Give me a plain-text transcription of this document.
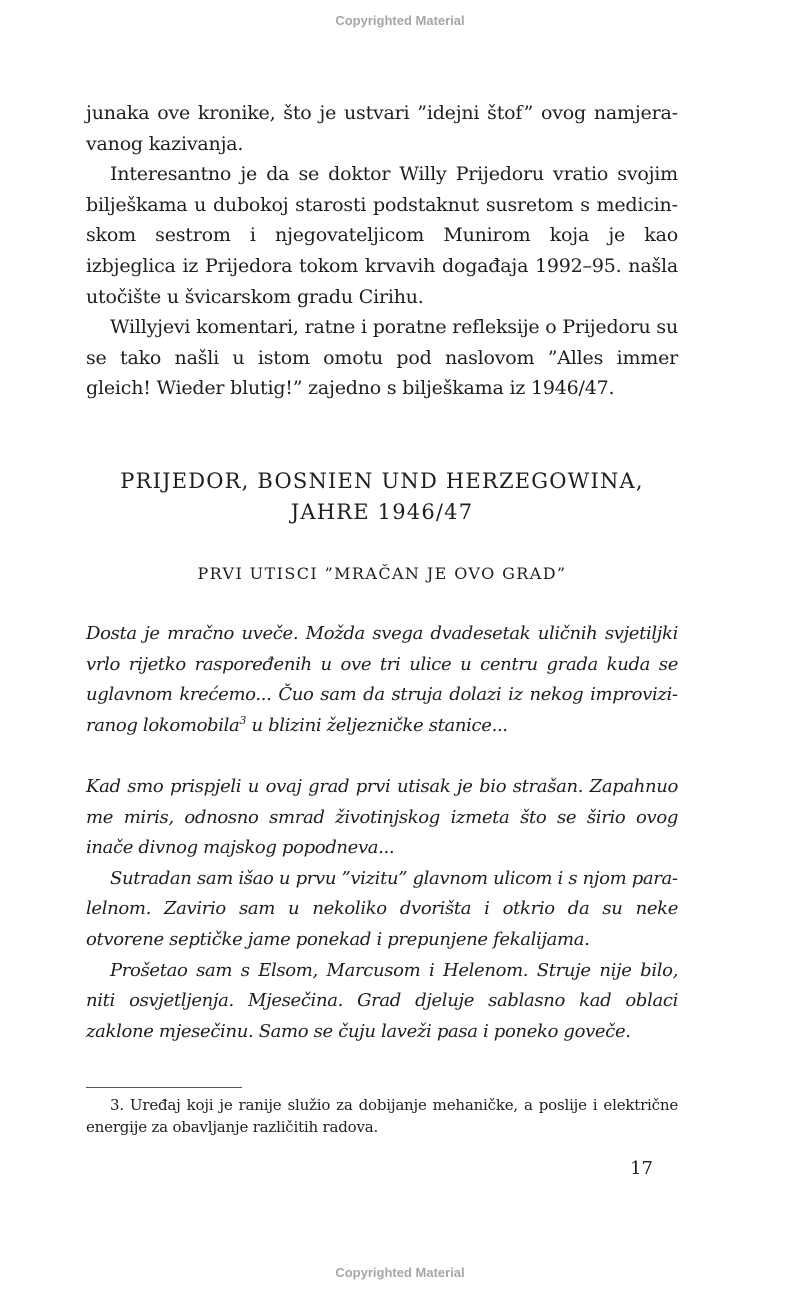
Copyrighted Material

junaka ove kronike, što je ustvari ”idejni štof” ovog namjeravanog kazivanja.

Interesantno je da se doktor Willy Prijedoru vratio svojim bilješkama u dubokoj starosti podstaknut susretom s medicinskom sestrom i njegovateljicom Munirom koja je kao izbjeglica iz Prijedora tokom krvavih događaja 1992–95. našla utočište u švicarskom gradu Cirihu.

Willyjevi komentari, ratne i poratne refleksije o Prijedoru su se tako našli u istom omotu pod naslovom ”Alles immer gleich! Wieder blutig!” zajedno s bilješkama iz 1946/47.

PRIJEDOR, BOSNIEN UND HERZEGOWINA,
JAHRE 1946/47
PRVI UTISCI ”MRAČAN JE OVO GRAD”

Dosta je mračno uveče. Možda svega dvadesetak uličnih svjetiljki vrlo rijetko raspoređenih u ove tri ulice u centru grada kuda se uglavnom krećemo... Čuo sam da struja dolazi iz nekog improviziranog lokomobila$^3$ u blizini željezničke stanice...

Kad smo prispjeli u ovaj grad prvi utisak je bio strašan. Zapahnuo me miris, odnosno smrad životinjskog izmeta što se širio ovog inače divnog majskog popodneva...

Sutradan sam išao u prvu ”vizitu” glavnom ulicom i s njom paralelnom. Zavirio sam u nekoliko dvorišta i otkrio da su neke otvorene septičke jame ponekad i prepunjene fekalijama.

Prošetao sam s Elsom, Marcusom i Helenom. Struje nije bilo, niti osvjetljenja. Mjesečina. Grad djeluje sablasno kad oblaci zaklone mjesečinu. Samo se čuju laveži pasa i poneko goveče.

3. Uređaj koji je ranije služio za dobijanje mehaničke, a poslije i električne energije za obavljanje različitih radova.

17
Copyrighted Material
